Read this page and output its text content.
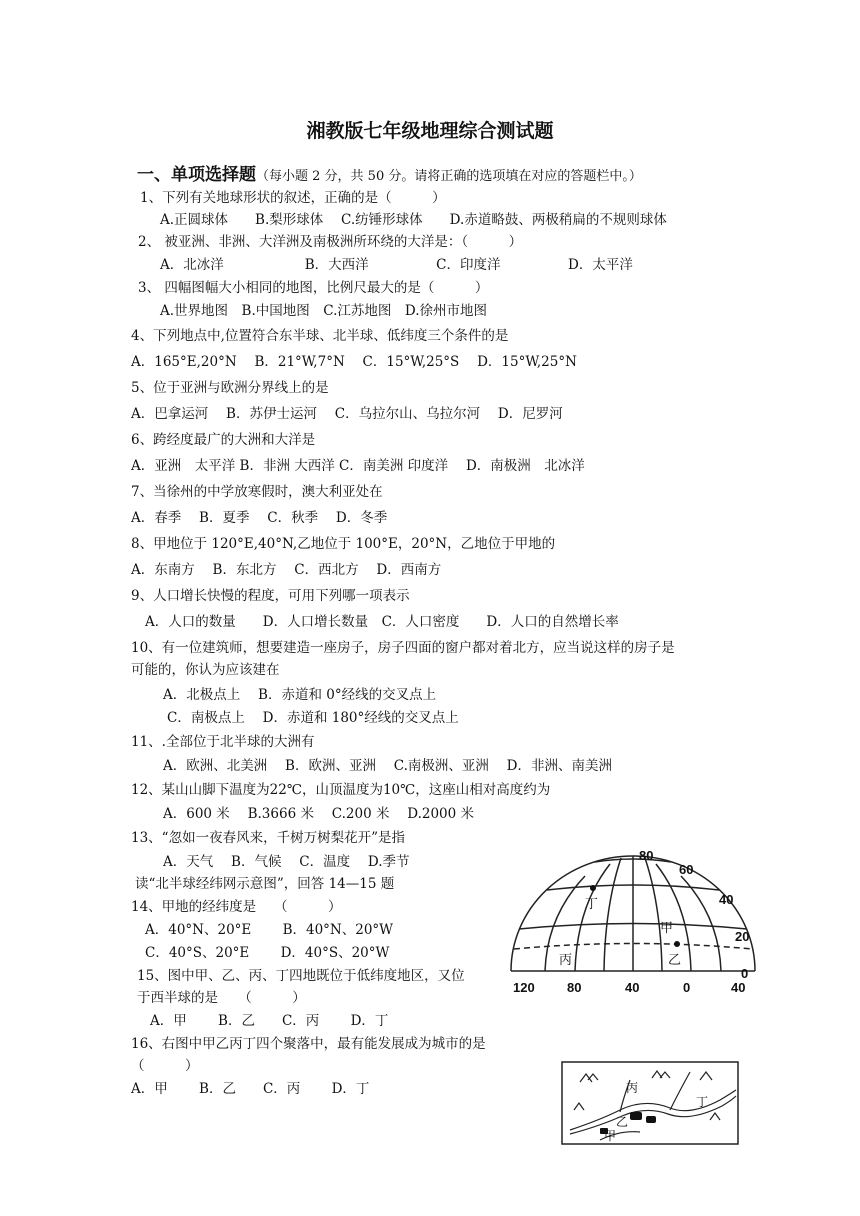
湘教版七年级地理综合测试题
一、单项选择题（每小题 2 分，共 50 分。请将正确的选项填在对应的答题栏中。）
1、下列有关地球形状的叙述，正确的是（　　　）
A.正圆球体　　B.梨形球体　 C.纺锤形球体　　D.赤道略鼓、两极稍扁的不规则球体
2、 被亚洲、非洲、大洋洲及南极洲所环绕的大洋是：（　　　）
A．北冰洋　　　　　　B．大西洋　　　　　C．印度洋　　　　　D．太平洋
3、 四幅图幅大小相同的地图，比例尺最大的是（　　　）
A.世界地图　B.中国地图　C.江苏地图　D.徐州市地图
4、下列地点中,位置符合东半球、北半球、低纬度三个条件的是
A．165°E,20°N　 B．21°W,7°N　 C．15°W,25°S　 D．15°W,25°N
5、位于亚洲与欧洲分界线上的是
A．巴拿运河　 B．苏伊士运河　 C．乌拉尔山、乌拉尔河　 D．尼罗河
6、跨经度最广的大洲和大洋是
A．亚洲　太平洋 B．非洲 大西洋 C．南美洲 印度洋　 D．南极洲　北冰洋
7、当徐州的中学放寒假时，澳大利亚处在
A．春季　 B．夏季　 C．秋季　 D．冬季
8、甲地位于 120°E,40°N,乙地位于 100°E，20°N，乙地位于甲地的
A．东南方　 B．东北方　 C．西北方　 D．西南方
9、人口增长快慢的程度，可用下列哪一项表示
A．人口的数量　　D．人口增长数量　C．人口密度　　D．人口的自然增长率
10、有一位建筑师，想要建造一座房子，房子四面的窗户都对着北方，应当说这样的房子是
可能的，你认为应该建在
A．北极点上　 B．赤道和 0°经线的交叉点上
C．南极点上　 D．赤道和 180°经线的交叉点上
11、.全部位于北半球的大洲有
A．欧洲、北美洲　 B．欧洲、亚洲　 C.南极洲、亚洲　 D．非洲、南美洲
12、某山山脚下温度为22℃，山顶温度为10℃，这座山相对高度约为
A．600 米　 B.3666 米　 C.200 米　 D.2000 米
13、“忽如一夜春风来，千树万树梨花开”是指
A．天气　 B．气候　 C．温度　 D.季节
读“北半球经纬网示意图”，回答 14—15 题
14、甲地的经纬度是　 （　　　）
A．40°N、20°E　　 B．40°N、20°W
C．40°S、20°E　　 D．40°S、20°W
15、图中甲、乙、丙、丁四地既位于低纬度地区，又位
于西半球的是　　（　　　）
A．甲　　 B．乙　　C．丙　　 D．丁
16、右图中甲乙丙丁四个聚落中，最有能发展成为城市的是
（　　　）
A．甲　　 B．乙　　C．丙　　 D．丁
80
60
40
20
0
120 80	40	0	40
丁
甲
丙	乙
丙
丁
乙
甲
